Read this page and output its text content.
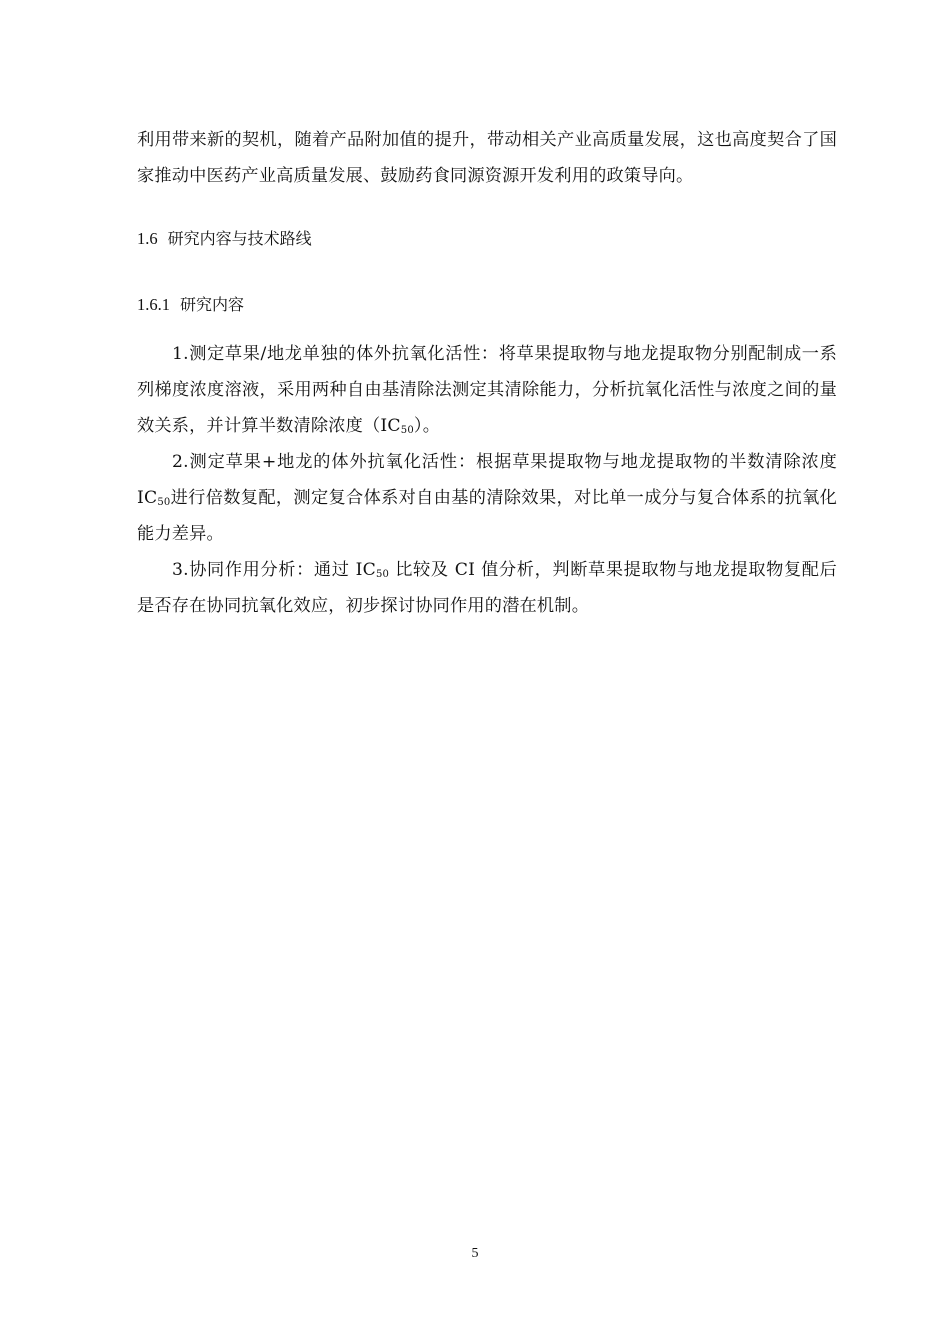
利用带来新的契机，随着产品附加值的提升，带动相关产业高质量发展，这也高度契合了国家推动中医药产业高质量发展、鼓励药食同源资源开发利用的政策导向。

1.6 研究内容与技术路线
1.6.1 研究内容

1.测定草果/地龙单独的体外抗氧化活性：将草果提取物与地龙提取物分别配制成一系列梯度浓度溶液，采用两种自由基清除法测定其清除能力，分析抗氧化活性与浓度之间的量效关系，并计算半数清除浓度$(IC_{50})$。

2.测定草果+地龙的体外抗氧化活性：根据草果提取物与地龙提取物的半数清除浓度 $IC_{50}$进行倍数复配，测定复合体系对自由基的清除效果，对比单一成分与复合体系的抗氧化能力差异。

3.协同作用分析：通过 $IC_{50}$ 比较及 CI 值分析，判断草果提取物与地龙提取物复配后是否存在协同抗氧化效应，初步探讨协同作用的潜在机制。

5
